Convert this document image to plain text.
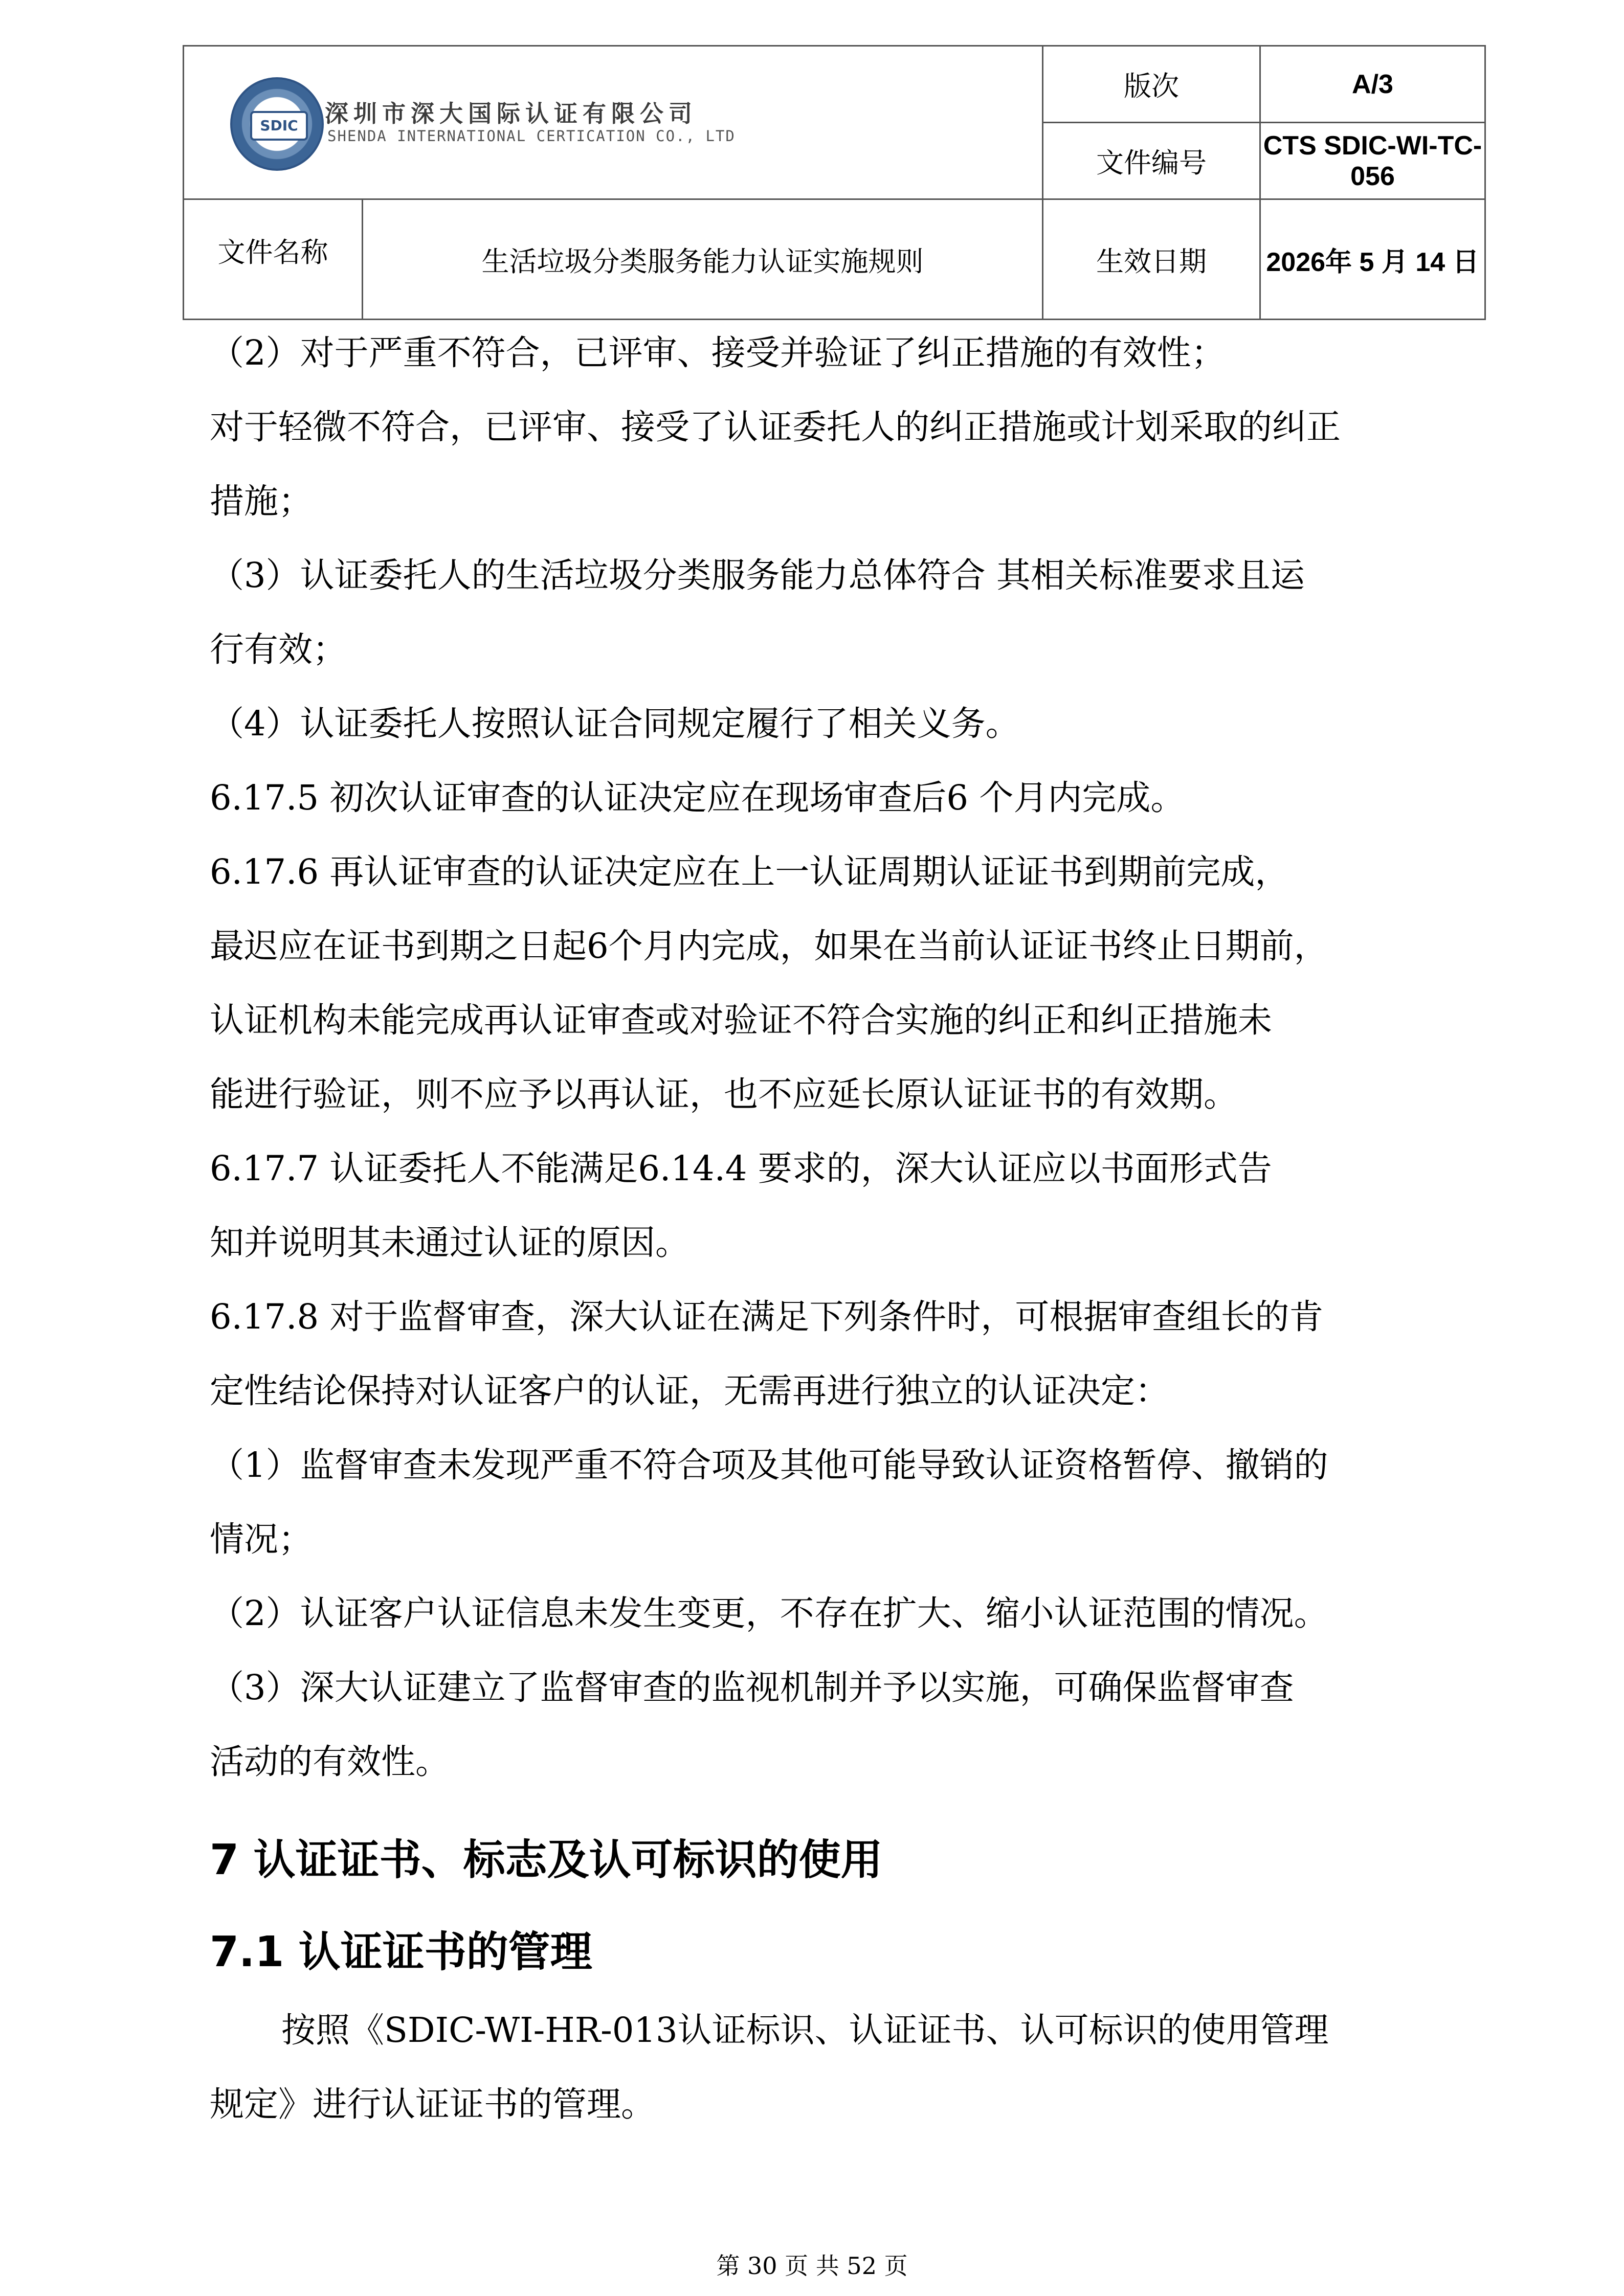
SDIC 深圳市深大国际认证有限公司
SHENDA INTERNATIONAL CERTICATION CO., LTD		版次	A/3
		文件编号	CTS SDIC-WI-TC-056
文件名称	生活垃圾分类服务能力认证实施规则	生效日期	2026年 5 月 14 日

（2）对于严重不符合，已评审、接受并验证了纠正措施的有效性；

对于轻微不符合，已评审、接受了认证委托人的纠正措施或计划采取的纠正

措施；

（3）认证委托人的生活垃圾分类服务能力总体符合 其相关标准要求且运

行有效；

（4）认证委托人按照认证合同规定履行了相关义务。

6.17.5 初次认证审查的认证决定应在现场审查后6 个月内完成。

6.17.6 再认证审查的认证决定应在上一认证周期认证证书到期前完成，

最迟应在证书到期之日起6个月内完成，如果在当前认证证书终止日期前，

认证机构未能完成再认证审查或对验证不符合实施的纠正和纠正措施未

能进行验证，则不应予以再认证，也不应延长原认证证书的有效期。

6.17.7 认证委托人不能满足6.14.4 要求的，深大认证应以书面形式告

知并说明其未通过认证的原因。

6.17.8 对于监督审查，深大认证在满足下列条件时，可根据审查组长的肯

定性结论保持对认证客户的认证，无需再进行独立的认证决定：

（1）监督审查未发现严重不符合项及其他可能导致认证资格暂停、撤销的

情况；

（2）认证客户认证信息未发生变更，不存在扩大、缩小认证范围的情况。

（3）深大认证建立了监督审查的监视机制并予以实施，可确保监督审查

活动的有效性。

7 认证证书、标志及认可标识的使用
7.1 认证证书的管理

按照《SDIC-WI-HR-013认证标识、认证证书、认可标识的使用管理

规定》进行认证证书的管理。

第 30 页 共 52 页
